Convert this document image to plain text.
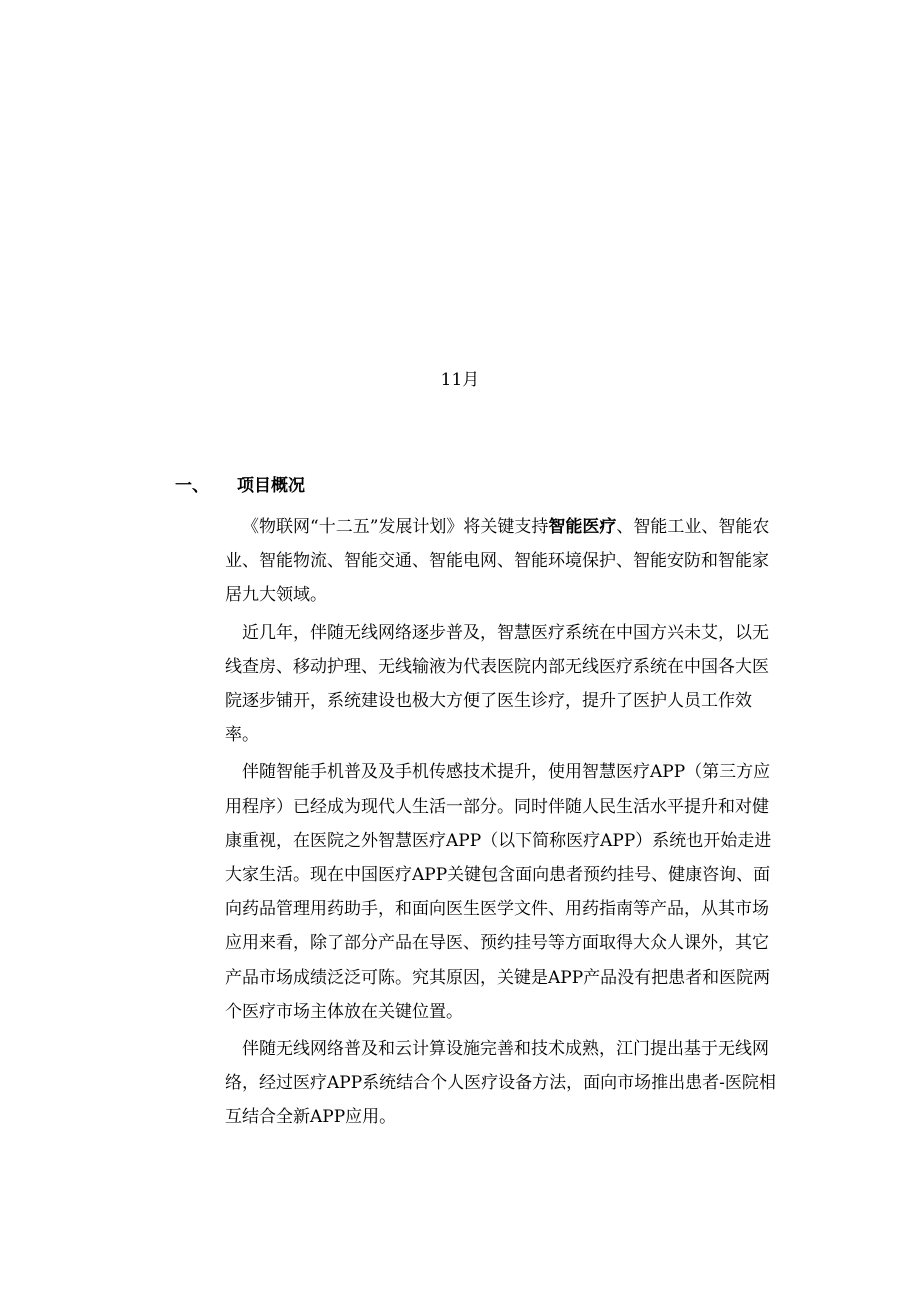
11月
一、 项目概况

《物联网“十二五”发展计划》将关键支持智能医疗、智能工业、智能农业、智能物流、智能交通、智能电网、智能环境保护、智能安防和智能家居九大领域。

近几年，伴随无线网络逐步普及，智慧医疗系统在中国方兴未艾，以无线查房、移动护理、无线输液为代表医院内部无线医疗系统在中国各大医院逐步铺开，系统建设也极大方便了医生诊疗，提升了医护人员工作效率。

伴随智能手机普及及手机传感技术提升，使用智慧医疗APP（第三方应用程序）已经成为现代人生活一部分。同时伴随人民生活水平提升和对健康重视，在医院之外智慧医疗APP（以下简称医疗APP）系统也开始走进大家生活。现在中国医疗APP关键包含面向患者预约挂号、健康咨询、面向药品管理用药助手，和面向医生医学文件、用药指南等产品，从其市场应用来看，除了部分产品在导医、预约挂号等方面取得大众人课外，其它产品市场成绩泛泛可陈。究其原因，关键是APP产品没有把患者和医院两个医疗市场主体放在关键位置。

伴随无线网络普及和云计算设施完善和技术成熟，江门提出基于无线网络，经过医疗APP系统结合个人医疗设备方法，面向市场推出患者-医院相互结合全新APP应用。
